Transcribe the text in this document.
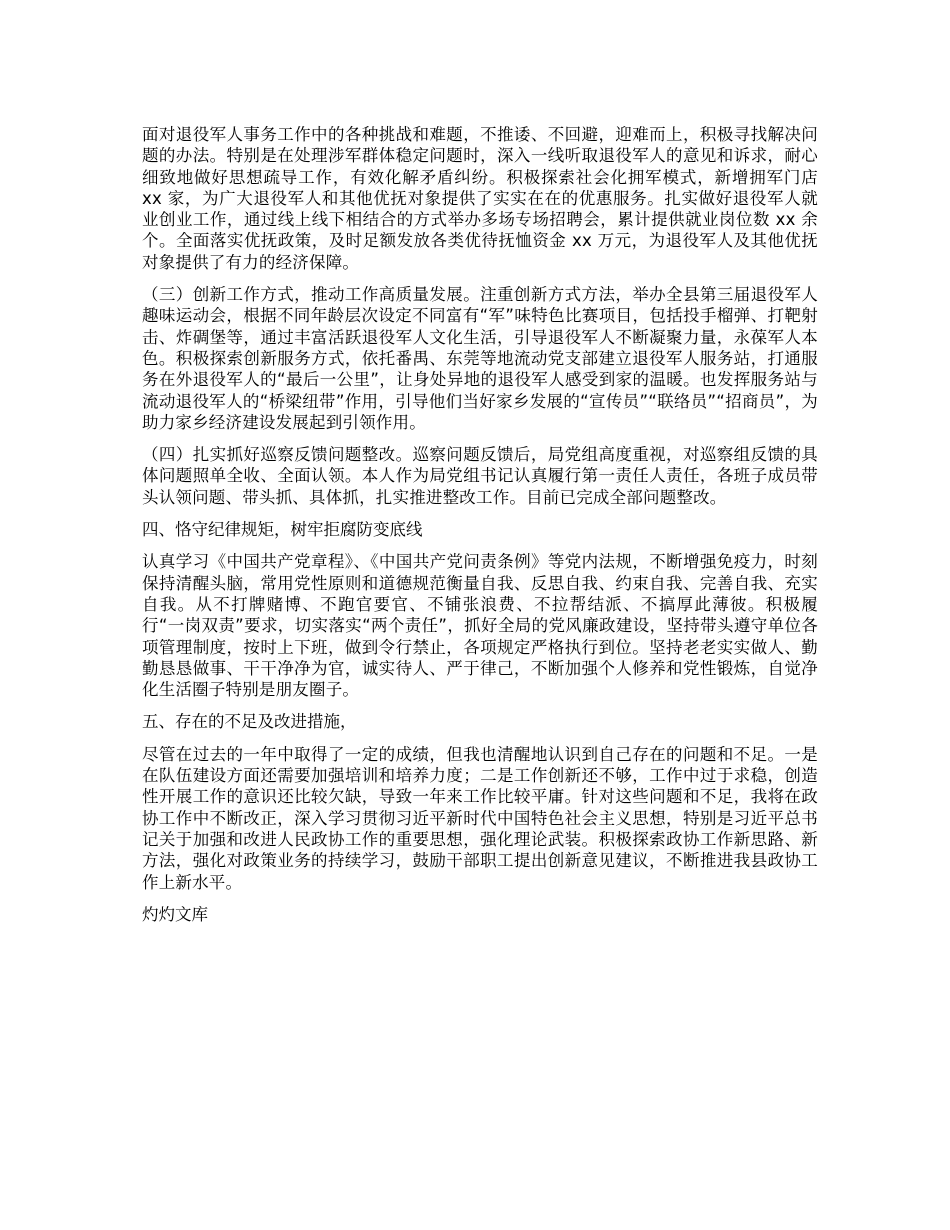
面对退役军人事务工作中的各种挑战和难题，不推诿、不回避，迎难而上，积极寻找解决问题的办法。特别是在处理涉军群体稳定问题时，深入一线听取退役军人的意见和诉求，耐心细致地做好思想疏导工作，有效化解矛盾纠纷。积极探索社会化拥军模式，新增拥军门店 xx 家，为广大退役军人和其他优抚对象提供了实实在在的优惠服务。扎实做好退役军人就业创业工作，通过线上线下相结合的方式举办多场专场招聘会，累计提供就业岗位数 xx 余个。全面落实优抚政策，及时足额发放各类优待抚恤资金 xx 万元，为退役军人及其他优抚对象提供了有力的经济保障。

（三）创新工作方式，推动工作高质量发展。注重创新方式方法，举办全县第三届退役军人趣味运动会，根据不同年龄层次设定不同富有“军”味特色比赛项目，包括投手榴弹、打靶射击、炸碉堡等，通过丰富活跃退役军人文化生活，引导退役军人不断凝聚力量，永葆军人本色。积极探索创新服务方式，依托番禺、东莞等地流动党支部建立退役军人服务站，打通服务在外退役军人的“最后一公里”，让身处异地的退役军人感受到家的温暖。也发挥服务站与流动退役军人的“桥梁纽带”作用，引导他们当好家乡发展的“宣传员”“联络员”“招商员”，为助力家乡经济建设发展起到引领作用。

（四）扎实抓好巡察反馈问题整改。巡察问题反馈后，局党组高度重视，对巡察组反馈的具体问题照单全收、全面认领。本人作为局党组书记认真履行第一责任人责任，各班子成员带头认领问题、带头抓、具体抓，扎实推进整改工作。目前已完成全部问题整改。

四、恪守纪律规矩，树牢拒腐防变底线

认真学习《中国共产党章程》、《中国共产党问责条例》等党内法规，不断增强免疫力，时刻保持清醒头脑，常用党性原则和道德规范衡量自我、反思自我、约束自我、完善自我、充实自我。从不打牌赌博、不跑官要官、不铺张浪费、不拉帮结派、不搞厚此薄彼。积极履行“一岗双责”要求，切实落实“两个责任”，抓好全局的党风廉政建设，坚持带头遵守单位各项管理制度，按时上下班，做到令行禁止，各项规定严格执行到位。坚持老老实实做人、勤勤恳恳做事、干干净净为官，诚实待人、严于律己，不断加强个人修养和党性锻炼，自觉净化生活圈子特别是朋友圈子。

五、存在的不足及改进措施，

尽管在过去的一年中取得了一定的成绩，但我也清醒地认识到自己存在的问题和不足。一是在队伍建设方面还需要加强培训和培养力度；二是工作创新还不够，工作中过于求稳，创造性开展工作的意识还比较欠缺，导致一年来工作比较平庸。针对这些问题和不足，我将在政协工作中不断改正，深入学习贯彻习近平新时代中国特色社会主义思想，特别是习近平总书记关于加强和改进人民政协工作的重要思想，强化理论武装。积极探索政协工作新思路、新方法，强化对政策业务的持续学习，鼓励干部职工提出创新意见建议，不断推进我县政协工作上新水平。

灼灼文库
